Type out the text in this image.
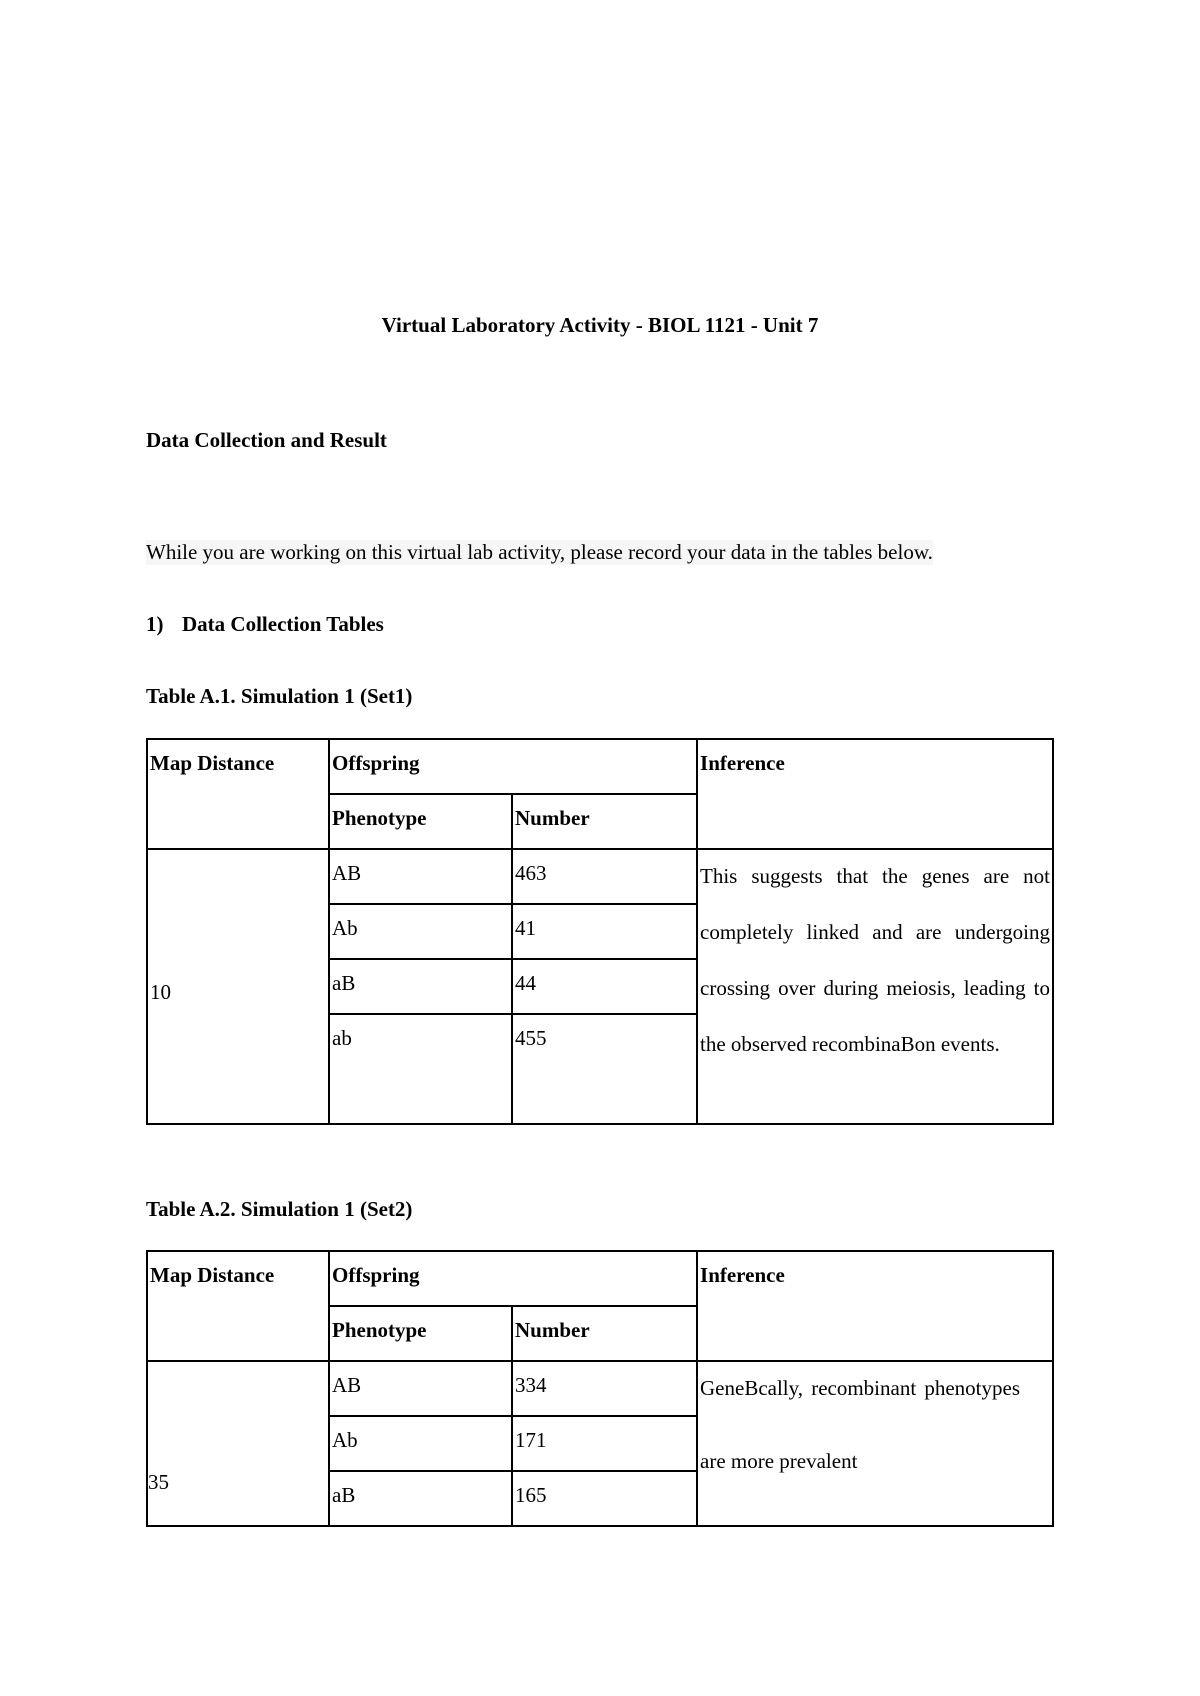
Virtual Laboratory Activity - BIOL 1121 - Unit 7
Data Collection and Result
While you are working on this virtual lab activity, please record your data in the tables below.
1) Data Collection Tables
Table A.1. Simulation 1 (Set1)
Map Distance	Offspring		Inference

	Phenotype	Number	

10	AB	463	This suggests that the genes are not completely linked and are undergoing crossing over during meiosis, leading to the observed recombinaBon events.

	Ab	41	

	aB	44	

	ab	455	

Table A.2. Simulation 1 (Set2)
Map Distance	Offspring		Inference

	Phenotype	Number	

35	AB	334	GeneBcally, recombinant phenotypes are more prevalent

	Ab	171	

	aB	165	
